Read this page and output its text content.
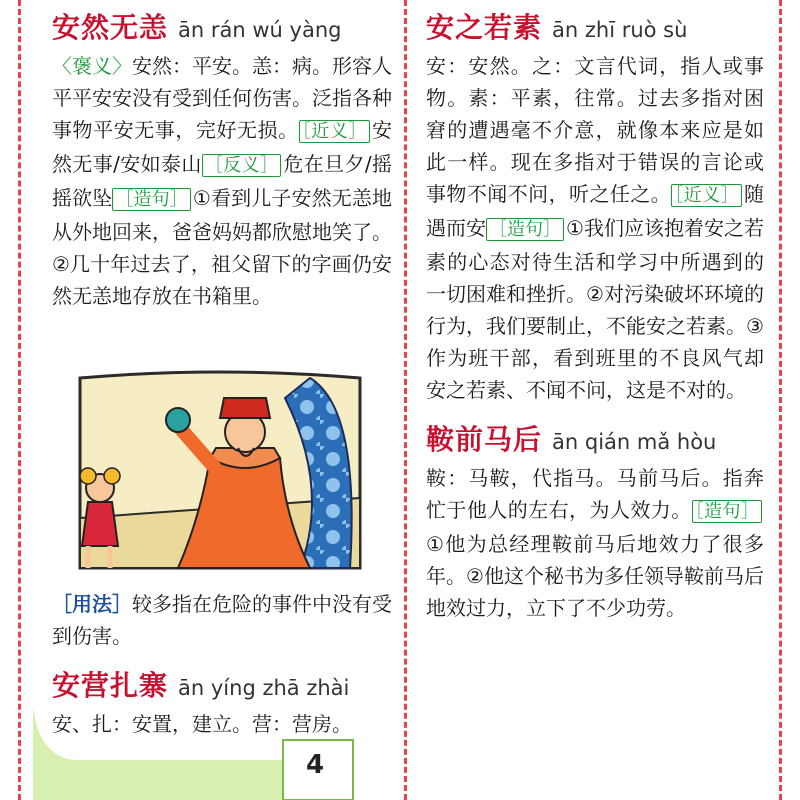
安然无恙 ān rán wú yàng

〈褒义〉安然：平安。恙：病。形容人平平安安没有受到任何伤害。泛指各种事物平安无事，完好无损。 ［近义］ 安然无事/安如泰山 ［反义］ 危在旦夕/摇摇欲坠 ［造句］ ①看到儿子安然无恙地从外地回来，爸爸妈妈都欣慰地笑了。②几十年过去了，祖父留下的字画仍安然无恙地存放在书箱里。

［用法］较多指在危险的事件中没有受到伤害。

安营扎寨 ān yíng zhā zhài

安、扎：安置，建立。营：营房。

4
安之若素 ān zhī ruò sù

安：安然。之：文言代词，指人或事物。素：平素，往常。过去多指对困窘的遭遇毫不介意，就像本来应是如此一样。现在多指对于错误的言论或事物不闻不问，听之任之。 ［近义］ 随遇而安 ［造句］ ①我们应该抱着安之若素的心态对待生活和学习中所遇到的一切困难和挫折。②对污染破坏环境的行为，我们要制止，不能安之若素。③作为班干部，看到班里的不良风气却安之若素、不闻不问，这是不对的。

鞍前马后 ān qián mǎ hòu

鞍：马鞍，代指马。马前马后。指奔忙于他人的左右，为人效力。 ［造句］①他为总经理鞍前马后地效力了很多年。②他这个秘书为多任领导鞍前马后地效过力，立下了不少功劳。
